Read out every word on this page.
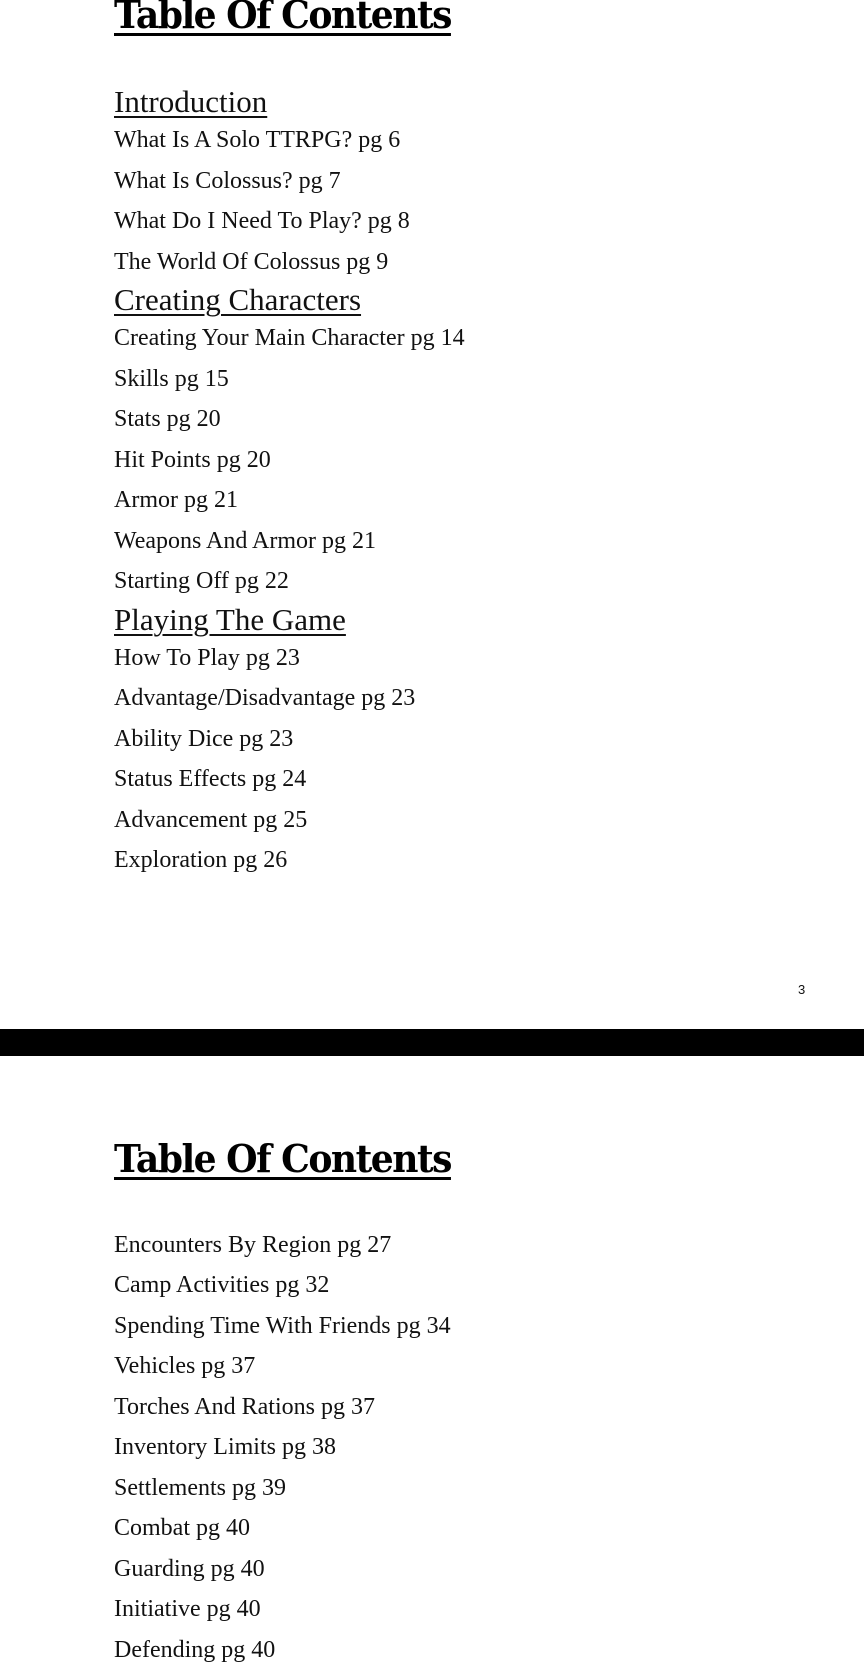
Table Of Contents
Introduction
What Is A Solo TTRPG? pg 6
What Is Colossus? pg 7
What Do I Need To Play? pg 8
The World Of Colossus pg 9
Creating Characters
Creating Your Main Character pg 14
Skills pg 15
Stats pg 20
Hit Points pg 20
Armor pg 21
Weapons And Armor pg 21
Starting Off pg 22
Playing The Game
How To Play pg 23
Advantage/Disadvantage pg 23
Ability Dice pg 23
Status Effects pg 24
Advancement pg 25
Exploration pg 26
3
Table Of Contents
Encounters By Region pg 27
Camp Activities pg 32
Spending Time With Friends pg 34
Vehicles pg 37
Torches And Rations pg 37
Inventory Limits pg 38
Settlements pg 39
Combat pg 40
Guarding pg 40
Initiative pg 40
Defending pg 40
